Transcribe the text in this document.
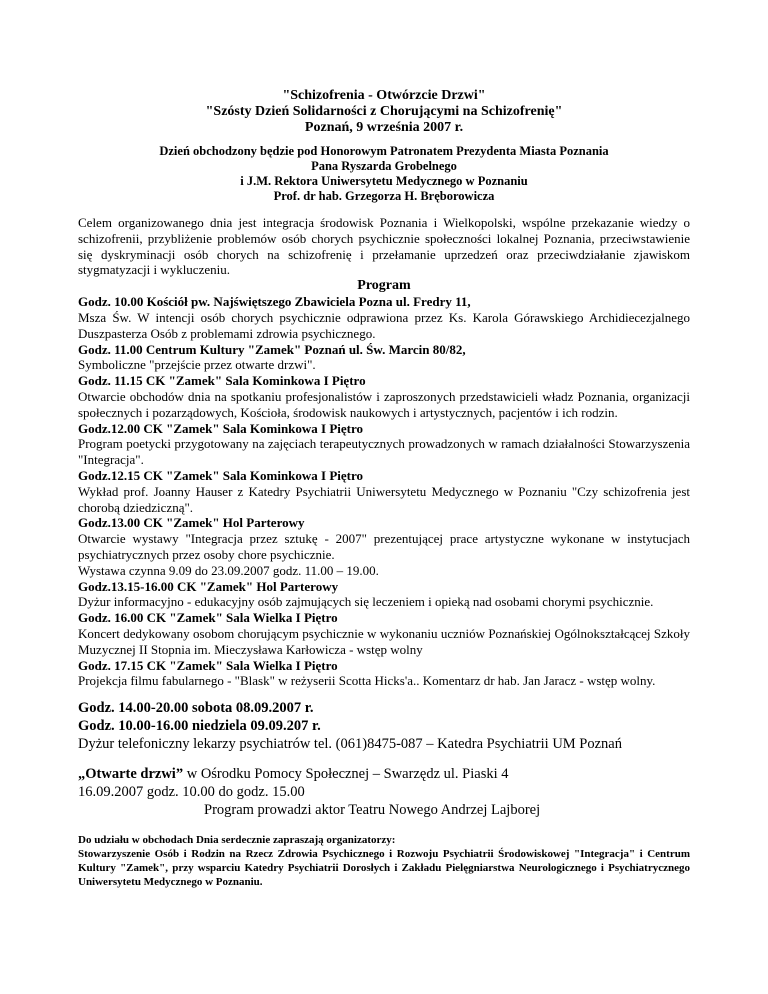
"Schizofrenia - Otwórzcie Drzwi"
"Szósty Dzień Solidarności z Chorującymi na Schizofrenię"
Poznań, 9 września 2007 r.
Dzień obchodzony będzie pod Honorowym Patronatem Prezydenta Miasta Poznania
Pana Ryszarda Grobelnego
i J.M. Rektora Uniwersytetu Medycznego w Poznaniu
Prof. dr hab. Grzegorza H. Bręborowicza
Celem organizowanego dnia jest integracja środowisk Poznania i Wielkopolski, wspólne przekazanie wiedzy o schizofrenii, przybliżenie problemów osób chorych psychicznie społeczności lokalnej Poznania, przeciwstawienie się dyskryminacji osób chorych na schizofrenię i przełamanie uprzedzeń oraz przeciwdziałanie zjawiskom stygmatyzacji i wykluczeniu.
Program
Godz. 10.00 Kościół pw. Najświętszego Zbawiciela Pozna ul. Fredry 11,
Msza Św. W intencji osób chorych psychicznie odprawiona przez Ks. Karola Górawskiego Archidiecezjalnego Duszpasterza Osób z problemami zdrowia psychicznego.
Godz. 11.00 Centrum Kultury "Zamek" Poznań ul. Św. Marcin 80/82,
Symboliczne "przejście przez otwarte drzwi".
Godz. 11.15 CK "Zamek" Sala Kominkowa I Piętro
Otwarcie obchodów dnia na spotkaniu profesjonalistów i zaproszonych przedstawicieli władz Poznania, organizacji społecznych i pozarządowych, Kościoła, środowisk naukowych i artystycznych, pacjentów i ich rodzin.
Godz.12.00 CK "Zamek" Sala Kominkowa I Piętro
Program poetycki przygotowany na zajęciach terapeutycznych prowadzonych w ramach działalności Stowarzyszenia "Integracja".
Godz.12.15 CK "Zamek" Sala Kominkowa I Piętro
Wykład prof. Joanny Hauser z Katedry Psychiatrii Uniwersytetu Medycznego w Poznaniu "Czy schizofrenia jest chorobą dziedziczną".
Godz.13.00 CK "Zamek" Hol Parterowy
Otwarcie wystawy "Integracja przez sztukę - 2007" prezentującej prace artystyczne wykonane w instytucjach psychiatrycznych przez osoby chore psychicznie.
Wystawa czynna 9.09 do 23.09.2007 godz. 11.00 – 19.00.
Godz.13.15-16.00 CK "Zamek" Hol Parterowy
Dyżur informacyjno - edukacyjny osób zajmujących się leczeniem i opieką nad osobami chorymi psychicznie.
Godz. 16.00 CK "Zamek" Sala Wielka I Piętro
Koncert dedykowany osobom chorującym psychicznie w wykonaniu uczniów Poznańskiej Ogólnokształcącej Szkoły Muzycznej II Stopnia im. Mieczysława Karłowicza - wstęp wolny
Godz. 17.15 CK "Zamek" Sala Wielka I Piętro
Projekcja filmu fabularnego - "Blask" w reżyserii Scotta Hicks'a.. Komentarz dr hab. Jan Jaracz - wstęp wolny.
Godz. 14.00-20.00 sobota 08.09.2007 r.
Godz. 10.00-16.00 niedziela 09.09.207 r.
Dyżur telefoniczny lekarzy psychiatrów tel. (061)8475-087 – Katedra Psychiatrii UM Poznań
„Otwarte drzwi” w Ośrodku Pomocy Społecznej – Swarzędz ul. Piaski 4
16.09.2007 godz. 10.00 do godz. 15.00
Program prowadzi aktor Teatru Nowego Andrzej Lajborej
Do udziału w obchodach Dnia serdecznie zapraszają organizatorzy:
Stowarzyszenie Osób i Rodzin na Rzecz Zdrowia Psychicznego i Rozwoju Psychiatrii Środowiskowej "Integracja" i Centrum Kultury "Zamek", przy wsparciu Katedry Psychiatrii Dorosłych i Zakładu Pielęgniarstwa Neurologicznego i Psychiatrycznego Uniwersytetu Medycznego w Poznaniu.
